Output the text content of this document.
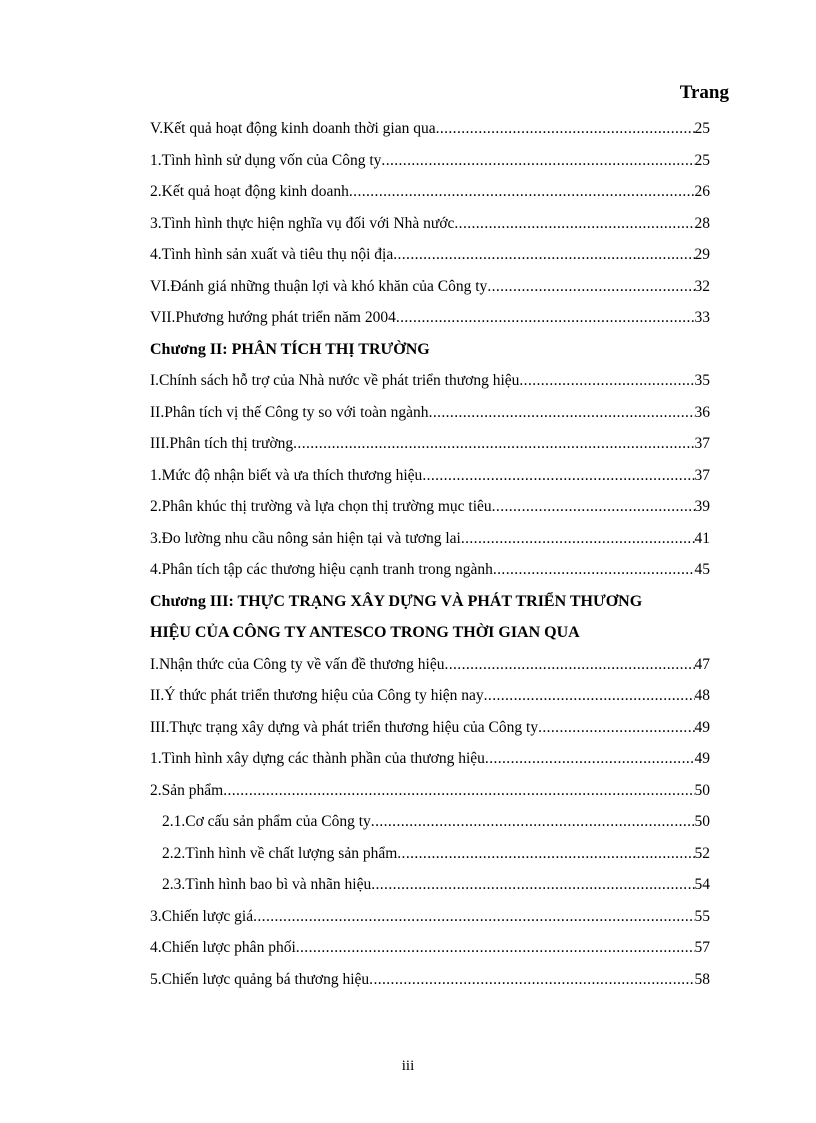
Trang
V.Kết quả hoạt động kinh doanh thời gian qua .....	25
1.Tình hình sử dụng vốn của Công ty .....	25
2.Kết quả hoạt động kinh doanh .....	26
3.Tình hình thực hiện nghĩa vụ đối với Nhà nước .....	28
4.Tình hình sản xuất và tiêu thụ nội địa .....	29
VI.Đánh giá những thuận lợi và khó khăn của Công ty .....	32
VII.Phương hướng phát triển năm 2004 .....	33
Chương II: PHÂN TÍCH THỊ TRƯỜNG
I.Chính sách hỗ trợ của Nhà nước về phát triển thương hiệu .....	35
II.Phân tích vị thế Công ty so với toàn ngành .....	36
III.Phân tích thị trường .....	37
1.Mức độ nhận biết và ưa thích thương hiệu .....	37
2.Phân khúc thị trường và lựa chọn thị trường mục tiêu .....	39
3.Đo lường nhu cầu nông sản hiện tại và tương lai .....	41
4.Phân tích tập các thương hiệu cạnh tranh trong ngành .....	45
Chương III: THỰC TRẠNG XÂY DỰNG VÀ PHÁT TRIỂN THƯƠNG
HIỆU CỦA CÔNG TY ANTESCO TRONG THỜI GIAN QUA
I.Nhận thức của Công ty về vấn đề thương hiệu .....	47
II.Ý thức phát triển thương hiệu của Công ty hiện nay .....	48
III.Thực trạng xây dựng và phát triển thương hiệu của Công ty .....	49
1.Tình hình xây dựng các thành phần của thương hiệu .....	49
2.Sản phẩm .....	50
2.1.Cơ cấu sản phẩm của Công ty .....	50
2.2.Tình hình về chất lượng sản phẩm .....	52
2.3.Tình hình bao bì và nhãn hiệu .....	54
3.Chiến lược giá .....	55
4.Chiến lược phân phối .....	57
5.Chiến lược quảng bá thương hiệu .....	58
iii
